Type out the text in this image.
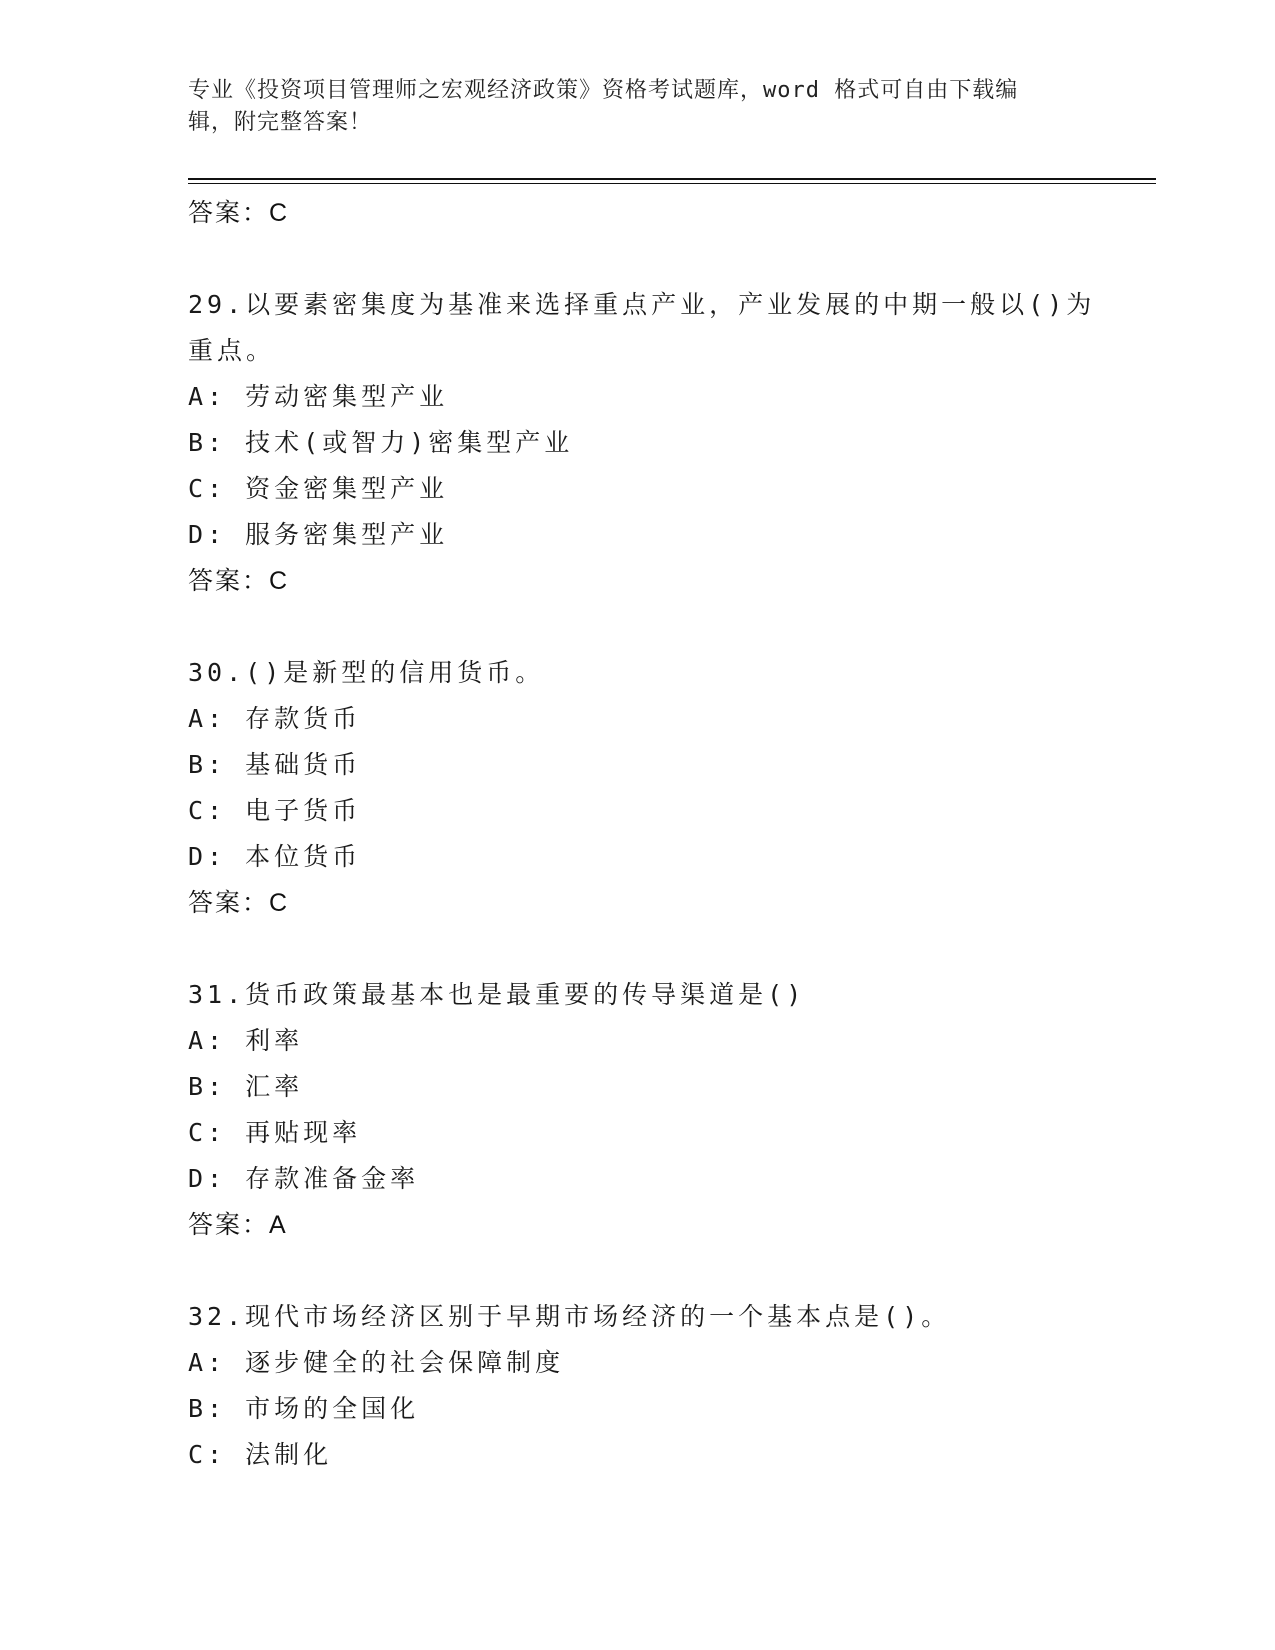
专业《投资项目管理师之宏观经济政策》资格考试题库，word 格式可自由下载编
辑，附完整答案！
答案：C
29.以要素密集度为基准来选择重点产业，产业发展的中期一般以()为
重点。
A: 劳动密集型产业
B: 技术(或智力)密集型产业
C: 资金密集型产业
D: 服务密集型产业
答案：C
30.()是新型的信用货币。
A: 存款货币
B: 基础货币
C: 电子货币
D: 本位货币
答案：C
31.货币政策最基本也是最重要的传导渠道是()
A: 利率
B: 汇率
C: 再贴现率
D: 存款准备金率
答案：A
32.现代市场经济区别于早期市场经济的一个基本点是()。
A: 逐步健全的社会保障制度
B: 市场的全国化
C: 法制化
